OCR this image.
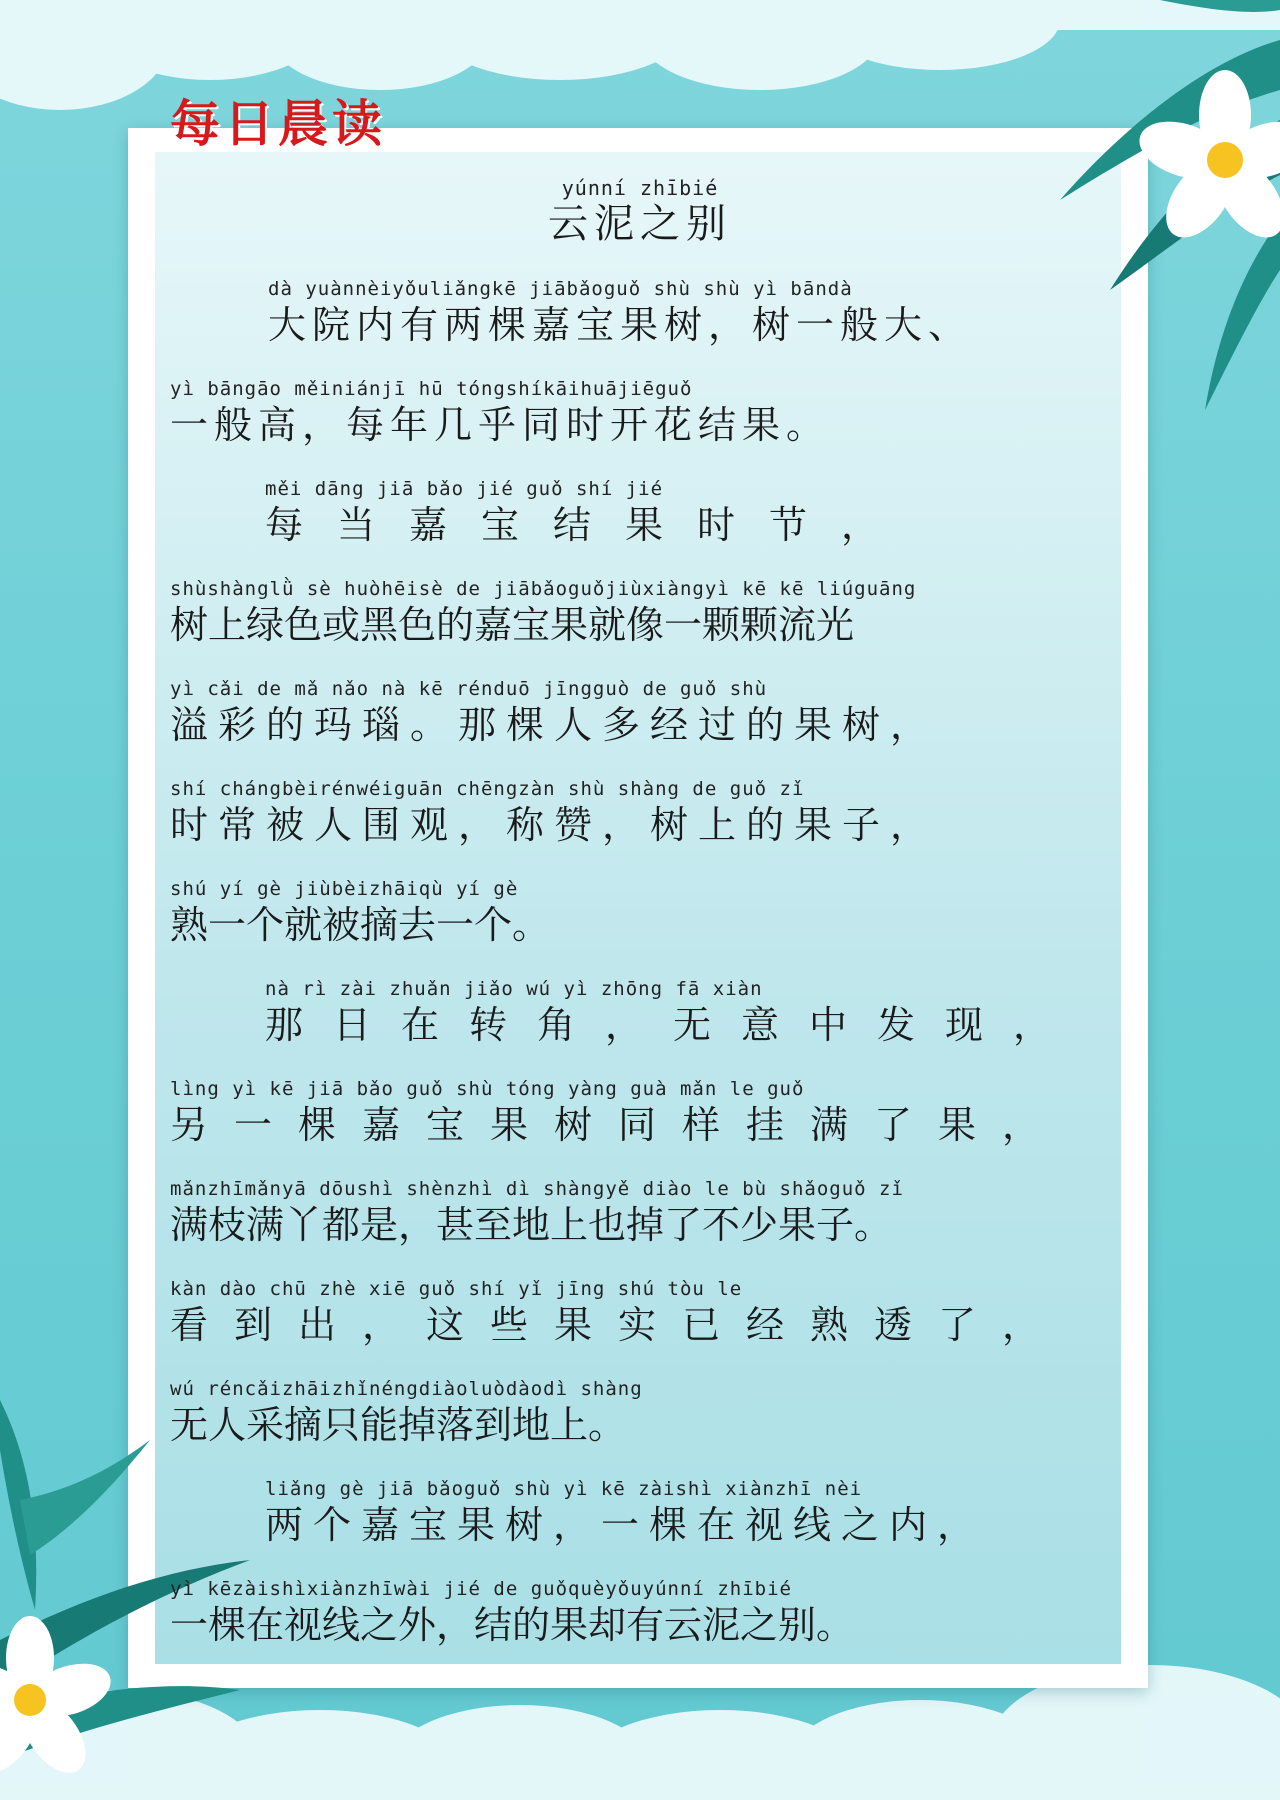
每日晨读
yúnní zhībié
云泥之别
dà yuànnèiyǒuliǎngkē jiābǎoguǒ shù shù yì bāndà
大院内有两棵嘉宝果树，树一般大、
yì bāngāo měiniánjī hū tóngshíkāihuājiēguǒ
一般高，每年几乎同时开花结果。
měi dāng jiā bǎo jié guǒ shí jié
每当嘉宝结果时节，
shùshànglǜ sè huòhēisè de jiābǎoguǒjiùxiàngyì kē kē liúguāng
树上绿色或黑色的嘉宝果就像一颗颗流光
yì cǎi de mǎ nǎo nà kē rénduō jīngguò de guǒ shù
溢彩的玛瑙。那棵人多经过的果树，
shí chángbèirénwéiguān chēngzàn shù shàng de guǒ zǐ
时常被人围观，称赞，树上的果子，
shú yí gè jiùbèizhāiqù yí gè
熟一个就被摘去一个。
nà rì zài zhuǎn jiǎo wú yì zhōng fā xiàn
那日在转角，无意中发现，
lìng yì kē jiā bǎo guǒ shù tóng yàng guà mǎn le guǒ
另一棵嘉宝果树同样挂满了果，
mǎnzhīmǎnyā dōushì shènzhì dì shàngyě diào le bù shǎoguǒ zǐ
满枝满丫都是，甚至地上也掉了不少果子。
kàn dào chū zhè xiē guǒ shí yǐ jīng shú tòu le
看到出，这些果实已经熟透了，
wú réncǎizhāizhǐnéngdiàoluòdàodì shàng
无人采摘只能掉落到地上。
liǎng gè jiā bǎoguǒ shù yì kē zàishì xiànzhī nèi
两个嘉宝果树，一棵在视线之内，
yì kēzàishìxiànzhīwài jié de guǒquèyǒuyúnní zhībié
一棵在视线之外，结的果却有云泥之别。
